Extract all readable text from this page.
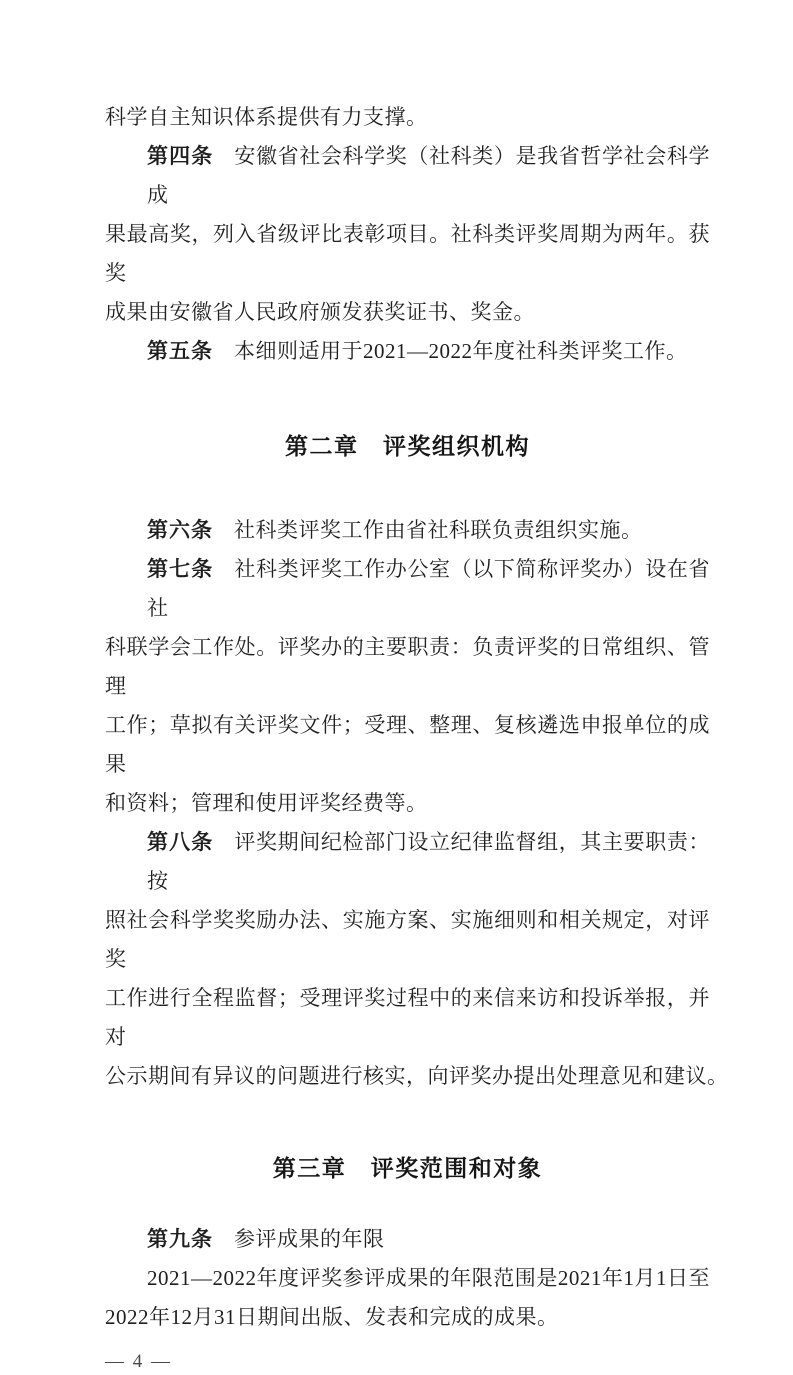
科学自主知识体系提供有力支撑。
第四条 安徽省社会科学奖（社科类）是我省哲学社会科学成
果最高奖，列入省级评比表彰项目。社科类评奖周期为两年。获奖
成果由安徽省人民政府颁发获奖证书、奖金。
第五条 本细则适用于2021—2022年度社科类评奖工作。
第二章　评奖组织机构
第六条 社科类评奖工作由省社科联负责组织实施。
第七条 社科类评奖工作办公室（以下简称评奖办）设在省社
科联学会工作处。评奖办的主要职责：负责评奖的日常组织、管理
工作；草拟有关评奖文件；受理、整理、复核遴选申报单位的成果
和资料；管理和使用评奖经费等。
第八条 评奖期间纪检部门设立纪律监督组，其主要职责：按
照社会科学奖奖励办法、实施方案、实施细则和相关规定，对评奖
工作进行全程监督；受理评奖过程中的来信来访和投诉举报，并对
公示期间有异议的问题进行核实，向评奖办提出处理意见和建议。
第三章　评奖范围和对象
第九条 参评成果的年限
2021—2022年度评奖参评成果的年限范围是2021年1月1日至
2022年12月31日期间出版、发表和完成的成果。
— 4 —
